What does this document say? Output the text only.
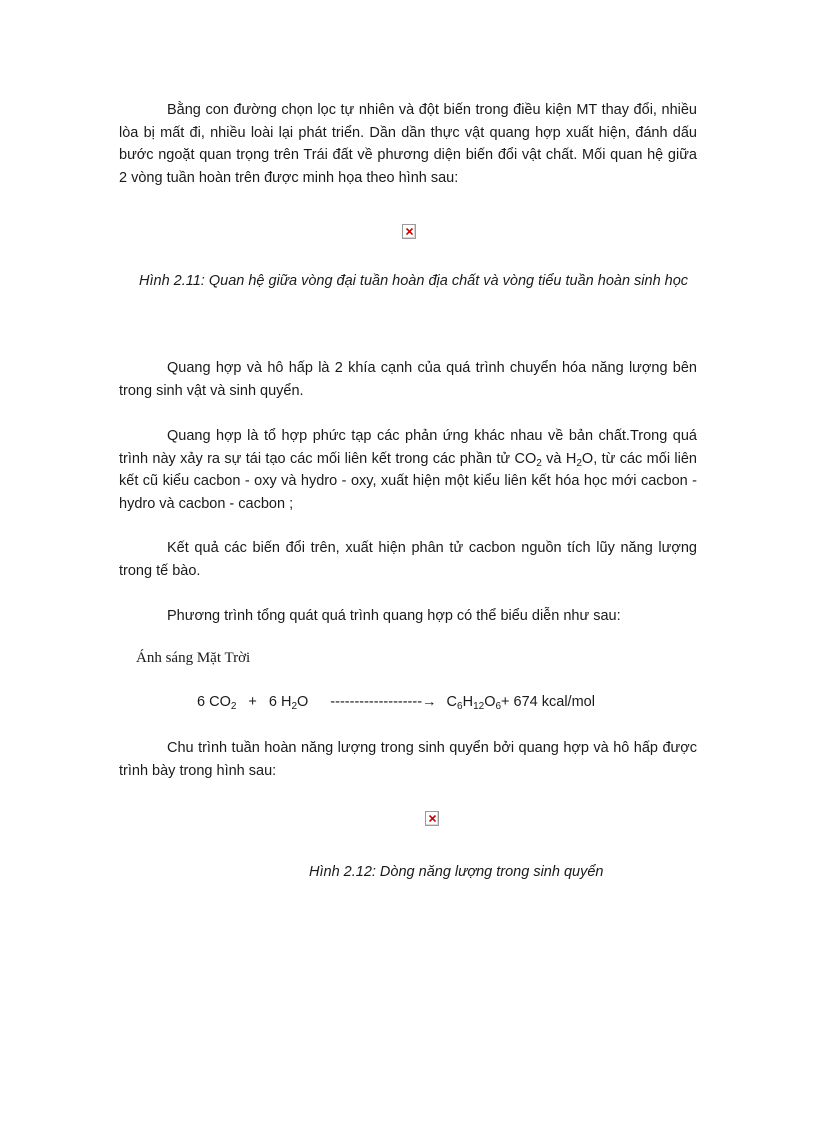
Bằng con đường chọn lọc tự nhiên và đột biến trong điều kiện MT thay đổi, nhiều lòa bị mất đi, nhiều loài lại phát triển. Dần dần thực vật quang hợp xuất hiện, đánh dấu bước ngoặt quan trọng trên Trái đất về phương diện biến đổi vật chất. Mối quan hệ giữa 2 vòng tuần hoàn trên được minh họa theo hình sau:

Hình 2.11: Quan hệ giữa vòng đại tuần hoàn địa chất và vòng tiểu tuần hoàn sinh học

Quang hợp và hô hấp là 2 khía cạnh của quá trình chuyển hóa năng lượng bên trong sinh vật và sinh quyển.

Quang hợp là tổ hợp phức tạp các phản ứng khác nhau về bản chất.Trong quá trình này xảy ra sự tái tạo các mối liên kết trong các phần tử $CO_2$ và $H_2O$, từ các mối liên kết cũ kiểu cacbon - oxy và hydro - oxy, xuất hiện một kiểu liên kết hóa học mới cacbon - hydro và cacbon - cacbon ;

Kết quả các biến đổi trên, xuất hiện phân tử cacbon nguồn tích lũy năng lượng trong tế bào.

Phương trình tổng quát quá trình quang hợp có thể biểu diễn như sau:

Ánh sáng Mặt Trời

6 $CO_2 + 6$ $H_2O$ -------------------→ $C_6H_{12}O_6+ 674$ kcal/mol

Chu trình tuần hoàn năng lượng trong sinh quyển bởi quang hợp và hô hấp được trình bày trong hình sau:

Hình 2.12: Dòng năng lượng trong sinh quyển
